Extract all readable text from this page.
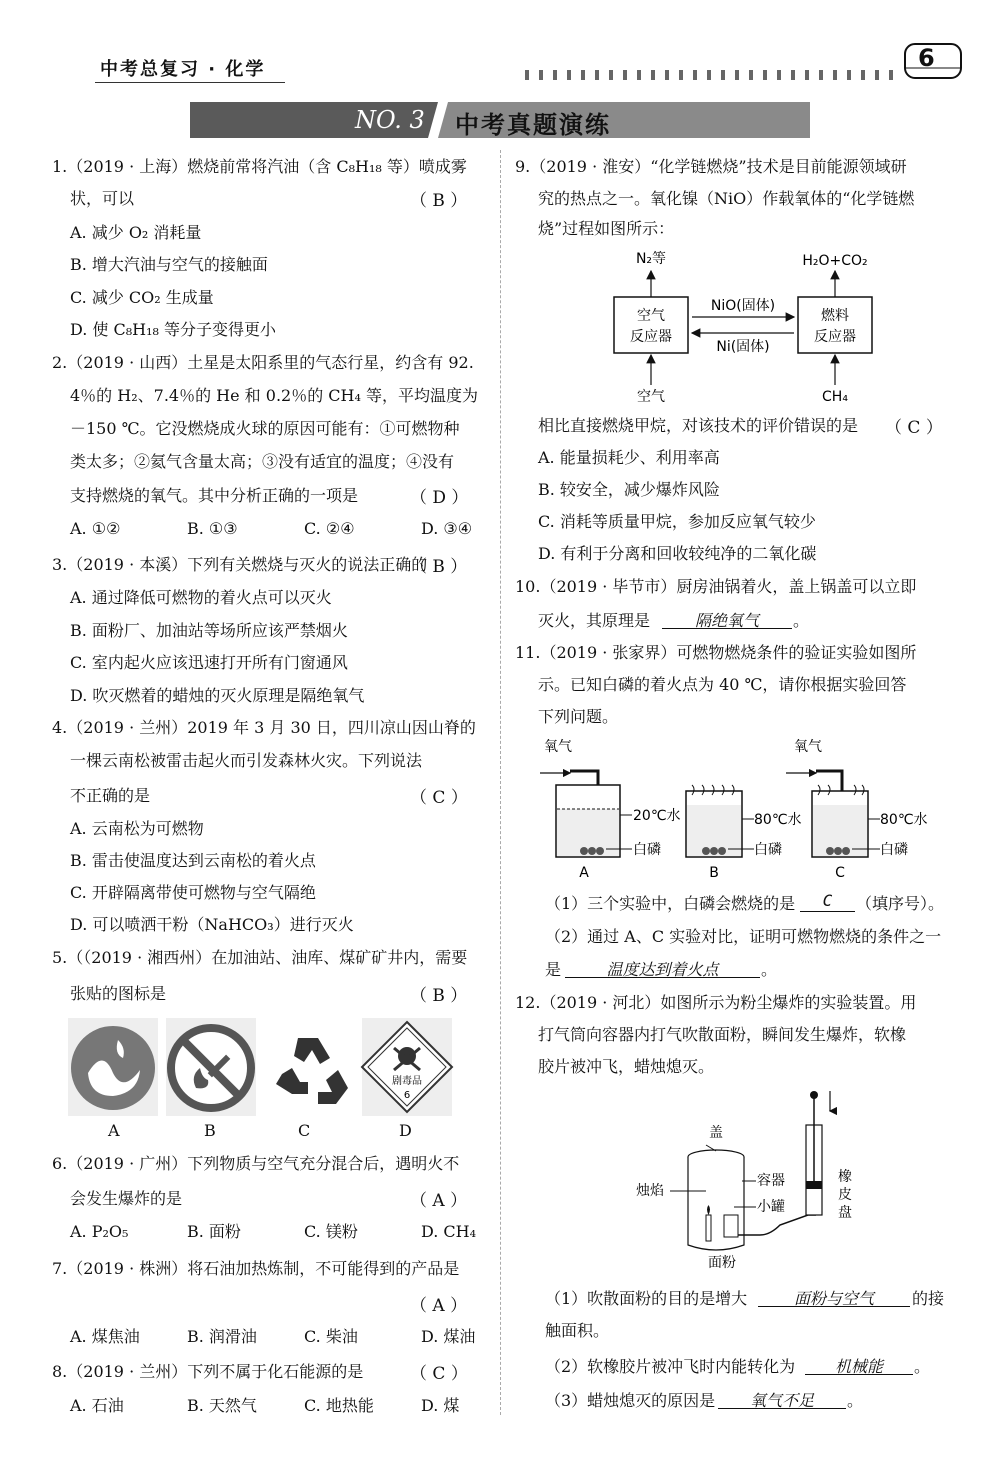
中考总复习 · 化学	6
NO. 3 中考真题演练
1.（2019 · 上海）燃烧前常将汽油（含 C₈H₁₈ 等）喷成雾
状，可以	（ B ）
A. 减少 O₂ 消耗量
B. 增大汽油与空气的接触面
C. 减少 CO₂ 生成量
D. 使 C₈H₁₈ 等分子变得更小
2.（2019 · 山西）土星是太阳系里的气态行星，约含有 92.
4％的 H₂、7.4％的 He 和 0.2％的 CH₄ 等，平均温度为
－150 ℃。它没燃烧成火球的原因可能有：①可燃物种
类太多；②氦气含量太高；③没有适宜的温度；④没有
支持燃烧的氧气。其中分析正确的一项是	（ D ）
A. ①②	B. ①③	C. ②④	D. ③④
3.（2019 · 本溪）下列有关燃烧与灭火的说法正确的
（ B ）
A. 通过降低可燃物的着火点可以灭火
B. 面粉厂、加油站等场所应该严禁烟火
C. 室内起火应该迅速打开所有门窗通风
D. 吹灭燃着的蜡烛的灭火原理是隔绝氧气
4.（2019 · 兰州）2019 年 3 月 30 日，四川凉山因山脊的
一棵云南松被雷击起火而引发森林火灾。下列说法
不正确的是	（ C ）
A. 云南松为可燃物
B. 雷击使温度达到云南松的着火点
C. 开辟隔离带使可燃物与空气隔绝
D. 可以喷洒干粉（NaHCO₃）进行灭火
5.（（2019 · 湘西州）在加油站、油库、煤矿矿井内，需要
张贴的图标是	（ B ）
剧毒品
6
A	B	C	D
6.（2019 · 广州）下列物质与空气充分混合后，遇明火不
会发生爆炸的是	（ A ）
A. P₂O₅	B. 面粉	C. 镁粉	D. CH₄
7.（2019 · 株洲）将石油加热炼制，不可能得到的产品是
（ A ）
A. 煤焦油	B. 润滑油	C. 柴油	D. 煤油
8.（2019 · 兰州）下列不属于化石能源的是	（ C ）
A. 石油	B. 天然气	C. 地热能	D. 煤
9.（2019 · 淮安）“化学链燃烧”技术是目前能源领域研
究的热点之一。氧化镍（NiO）作载氧体的“化学链燃
烧”过程如图所示：
N₂等	H₂O+CO₂
空气
反应器
燃料
反应器
NiO(固体)
Ni(固体)
空气	CH₄
相比直接燃烧甲烷，对该技术的评价错误的是 （ C ）
A. 能量损耗少、利用率高
B. 较安全，减少爆炸风险
C. 消耗等质量甲烷，参加反应氧气较少
D. 有利于分离和回收较纯净的二氧化碳
10.（2019 · 毕节市）厨房油锅着火，盖上锅盖可以立即
灭火，其原理是	隔绝氧气	。
11.（2019 · 张家界）可燃物燃烧条件的验证实验如图所
示。已知白磷的着火点为 40 ℃，请你根据实验回答
下列问题。
氧气
20℃水
白磷
A
80℃水
白磷
B
氧气
80℃水
白磷
C
（1）三个实验中，白磷会燃烧的是	C	（填序号）。
（2）通过 A、C 实验对比，证明可燃物燃烧的条件之一
是	温度达到着火点	。
12.（2019 · 河北）如图所示为粉尘爆炸的实验装置。用
打气筒向容器内打气吹散面粉，瞬间发生爆炸，软橡
胶片被冲飞，蜡烛熄灭。
盖
烛焰
容器
小罐
面粉
橡
皮
盘
（1）吹散面粉的目的是增大	面粉与空气	的接
触面积。
（2）软橡胶片被冲飞时内能转化为	机械能	。
（3）蜡烛熄灭的原因是	氧气不足	。
